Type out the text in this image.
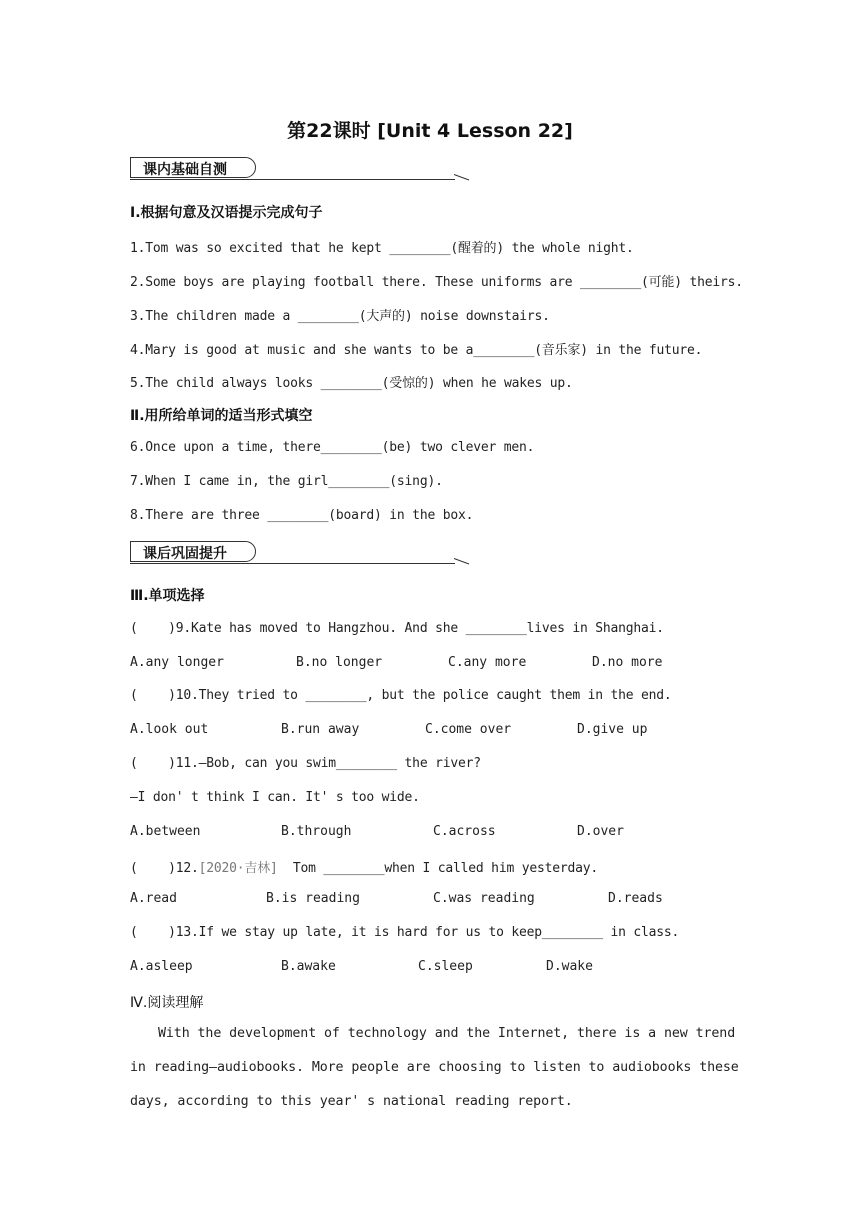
第22课时 [Unit 4 Lesson 22]
课内基础自测
Ⅰ.根据句意及汉语提示完成句子
1.Tom was so excited that he kept ________(醒着的) the whole night.
2.Some boys are playing football there. These uniforms are ________(可能) theirs.
3.The children made a ________(大声的) noise downstairs.
4.Mary is good at music and she wants to be a________(音乐家) in the future.
5.The child always looks ________(受惊的) when he wakes up.
Ⅱ.用所给单词的适当形式填空
6.Once upon a time, there________(be) two clever men.
7.When I came in, the girl________(sing).
8.There are three ________(board) in the box.
课后巩固提升
Ⅲ.单项选择
(    )9.Kate has moved to Hangzhou. And she ________lives in Shanghai.
A.any longer	B.no longer	C.any more	D.no more
(    )10.They tried to ________, but the police caught them in the end.
A.look out	B.run away	C.come over	D.give up
(    )11.—Bob, can you swim________ the river?
—I don' t think I can. It' s too wide.
A.between	B.through	C.across	D.over
(    )12.[2020·吉林]  Tom ________when I called him yesterday.
A.read	B.is reading	C.was reading	D.reads
(    )13.If we stay up late, it is hard for us to keep________ in class.
A.asleep	B.awake	C.sleep	D.wake
Ⅳ.阅读理解
With the development of technology and the Internet, there is a new trend in reading—audiobooks. More people are choosing to listen to audiobooks these days, according to this year' s national reading report.
